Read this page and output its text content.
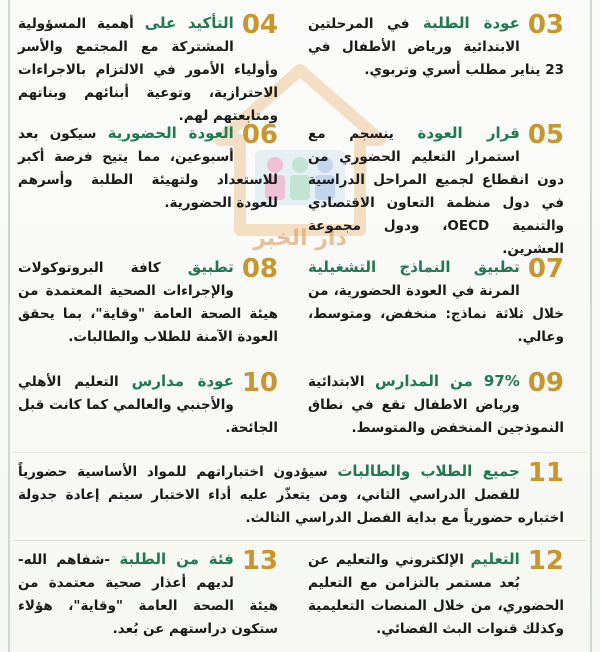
دار الخبر
03
عودة الطلبة في المرحلتين الابتدائية ورياض الأطفال في 23 يناير مطلب أسري وتربوي.
04
التأكيد على أهمية المسؤولية المشتركة مع المجتمع والأسر وأولياء الأمور في الالتزام بالاجراءات الاحترازية، وتوعية أبنائهم وبناتهم ومتابعتهم لهم.
05
قرار العودة ينسجم مع استمرار التعليم الحضوري من دون انقطاع لجميع المراحل الدراسية في دول منظمة التعاون الاقتصادي والتنمية OECD، ودول مجموعة العشرين.
06
العودة الحضورية سيكون بعد أسبوعين، مما يتيح فرصة أكبر للاستعداد ولتهيئة الطلبة وأسرهم للعودة الحضورية.
07
تطبيق النماذج التشغيلية المرنة في العودة الحضورية، من خلال ثلاثة نماذج: منخفض، ومتوسط، وعالي.
08
تطبيق كافة البروتوكولات والإجراءات الصحية المعتمدة من هيئة الصحة العامة "وقاية"، بما يحقق العودة الآمنة للطلاب والطالبات.
09
97% من المدارس الابتدائية ورياض الاطفال تقع في نطاق النموذجين المنخفض والمتوسط.
10
عودة مدارس التعليم الأهلي والأجنبي والعالمي كما كانت قبل الجائحة.
11
جميع الطلاب والطالبات سيؤدون اختباراتهم للمواد الأساسية حضورياً للفصل الدراسي الثاني، ومن يتعذّر عليه أداء الاختبار سيتم إعادة جدولة اختباره حضورياً مع بداية الفصل الدراسي الثالث.
12
التعليم الإلكتروني والتعليم عن بُعد مستمر بالتزامن مع التعليم الحضوري، من خلال المنصات التعليمية وكذلك قنوات البث الفضائي.
13
فئة من الطلبة -شفاهم الله- لديهم أعذار صحية معتمدة من هيئة الصحة العامة "وقاية"، هؤلاء ستكون دراستهم عن بُعد.
